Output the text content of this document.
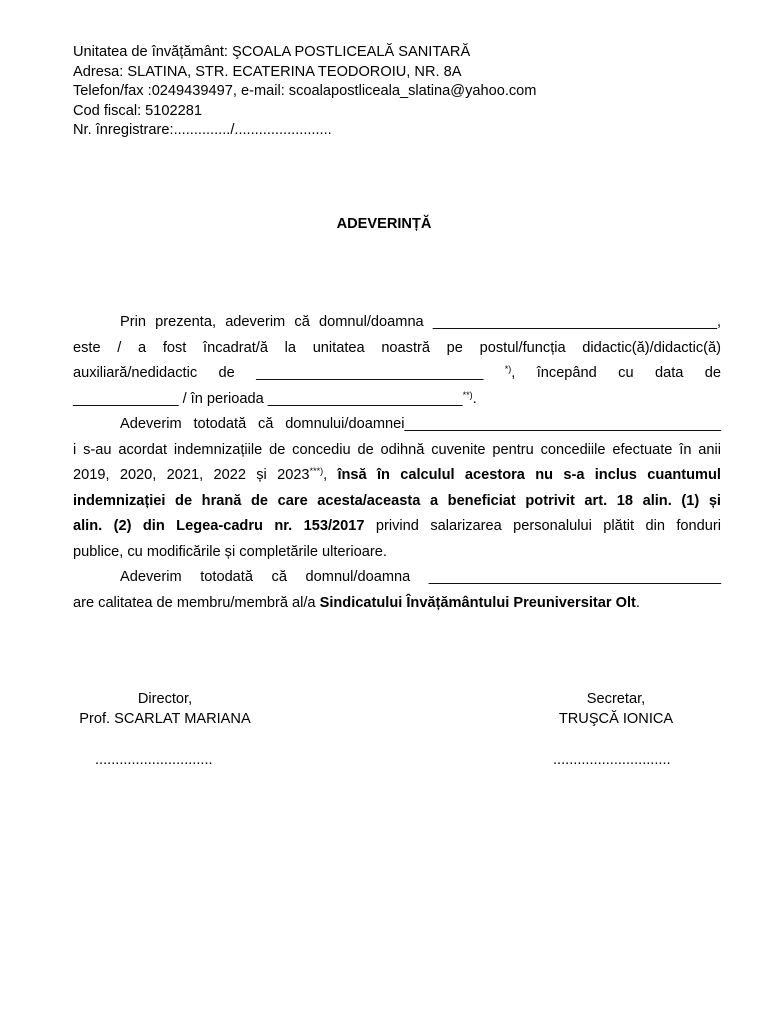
Unitatea de învățământ: ŞCOALA POSTLICEALĂ SANITARĂ
Adresa: SLATINA, STR. ECATERINA TEODOROIU, NR. 8A
Telefon/fax :0249439497, e-mail: scoalapostliceala_slatina@yahoo.com
Cod fiscal: 5102281
Nr. înregistrare:............../........................
ADEVERINȚĂ

Prin prezenta, adeverim că domnul/doamna ___________________________________,
este / a fost încadrat/ă la unitatea noastră pe postul/funcția didactic(ă)/didactic(ă)
auxiliară/nedidactic de ____________________________ *), începând cu data de
_____________ / în perioada ________________________**).

Adeverim totodată că domnului/doamnei_______________________________________
i s-au acordat indemnizațiile de concediu de odihnă cuvenite pentru concediile efectuate în anii
2019, 2020, 2021, 2022 și 2023***), însă în calculul acestora nu s-a inclus cuantumul
indemnizației de hrană de care acesta/aceasta a beneficiat potrivit art. 18 alin. (1) și
alin. (2) din Legea-cadru nr. 153/2017 privind salarizarea personalului plătit din fonduri
publice, cu modificările și completările ulterioare.

Adeverim totodată că domnul/doamna ____________________________________
are calitatea de membru/membră al/a Sindicatului Învățământului Preuniversitar Olt.

Director,
Prof. SCARLAT MARIANA
Secretar,
TRUŞCĂ IONICA
.............................	.............................
